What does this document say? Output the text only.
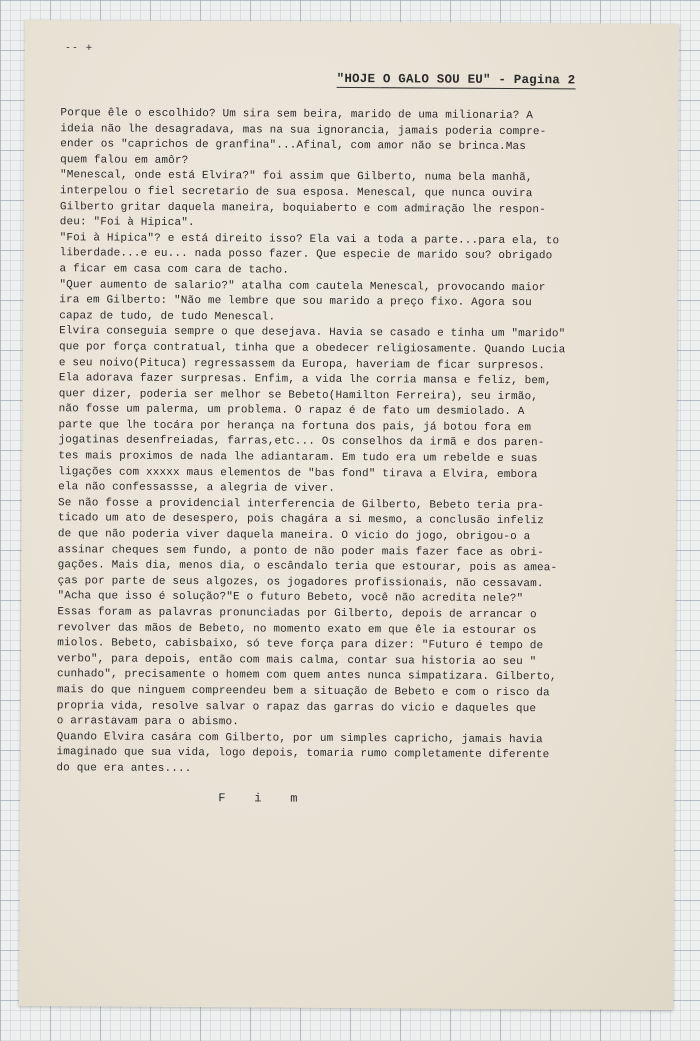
-- +
"HOJE O GALO SOU EU" - Pagina 2
Porque êle o escolhido? Um sira sem beira, marido de uma milionaria? A
ideia não lhe desagradava, mas na sua ignorancia, jamais poderia compre-
ender os "caprichos de granfina"...Afinal, com amor não se brinca.Mas
quem falou em amôr?
"Menescal, onde está Elvira?" foi assim que Gilberto, numa bela manhã,
interpelou o fiel secretario de sua esposa. Menescal, que nunca ouvira
Gilberto gritar daquela maneira, boquiaberto e com admiração lhe respon-
deu: "Foi à Hipica".
"Foi à Hipica"? e está direito isso? Ela vai a toda a parte...para ela, to
liberdade...e eu... nada posso fazer. Que especie de marido sou? obrigado
a ficar em casa com cara de tacho.
"Quer aumento de salario?" atalha com cautela Menescal, provocando maior
ira em Gilberto: "Não me lembre que sou marido a preço fixo. Agora sou
capaz de tudo, de tudo Menescal.
Elvira conseguia sempre o que desejava. Havia se casado e tinha um "marido"
que por força contratual, tinha que a obedecer religiosamente. Quando Lucia
e seu noivo(Pituca) regressassem da Europa, haveriam de ficar surpresos.
Ela adorava fazer surpresas. Enfim, a vida lhe corria mansa e feliz, bem,
quer dizer, poderia ser melhor se Bebeto(Hamilton Ferreira), seu irmão,
não fosse um palerma, um problema. O rapaz é de fato um desmiolado. A
parte que lhe tocára por herança na fortuna dos pais, já botou fora em
jogatinas desenfreiadas, farras,etc... Os conselhos da irmã e dos paren-
tes mais proximos de nada lhe adiantaram. Em tudo era um rebelde e suas
ligações com xxxxx maus elementos de "bas fond" tirava a Elvira, embora
ela não confessassse, a alegria de viver.
Se não fosse a providencial interferencia de Gilberto, Bebeto teria pra-
ticado um ato de desespero, pois chagára a si mesmo, a conclusão infeliz
de que não poderia viver daquela maneira. O vicio do jogo, obrigou-o a
assinar cheques sem fundo, a ponto de não poder mais fazer face as obri-
gações. Mais dia, menos dia, o escândalo teria que estourar, pois as amea-
ças por parte de seus algozes, os jogadores profissionais, não cessavam.
"Acha que isso é solução?"E o futuro Bebeto, você não acredita nele?"
Essas foram as palavras pronunciadas por Gilberto, depois de arrancar o
revolver das mãos de Bebeto, no momento exato em que êle ia estourar os
miolos. Bebeto, cabisbaixo, só teve força para dizer: "Futuro é tempo de
verbo", para depois, então com mais calma, contar sua historia ao seu "
cunhado", precisamente o homem com quem antes nunca simpatizara. Gilberto,
mais do que ninguem compreendeu bem a situação de Bebeto e com o risco da
propria vida, resolve salvar o rapaz das garras do vicio e daqueles que
o arrastavam para o abismo.
Quando Elvira casára com Gilberto, por um simples capricho, jamais havia
imaginado que sua vida, logo depois, tomaria rumo completamente diferente
do que era antes....
F    i    m
